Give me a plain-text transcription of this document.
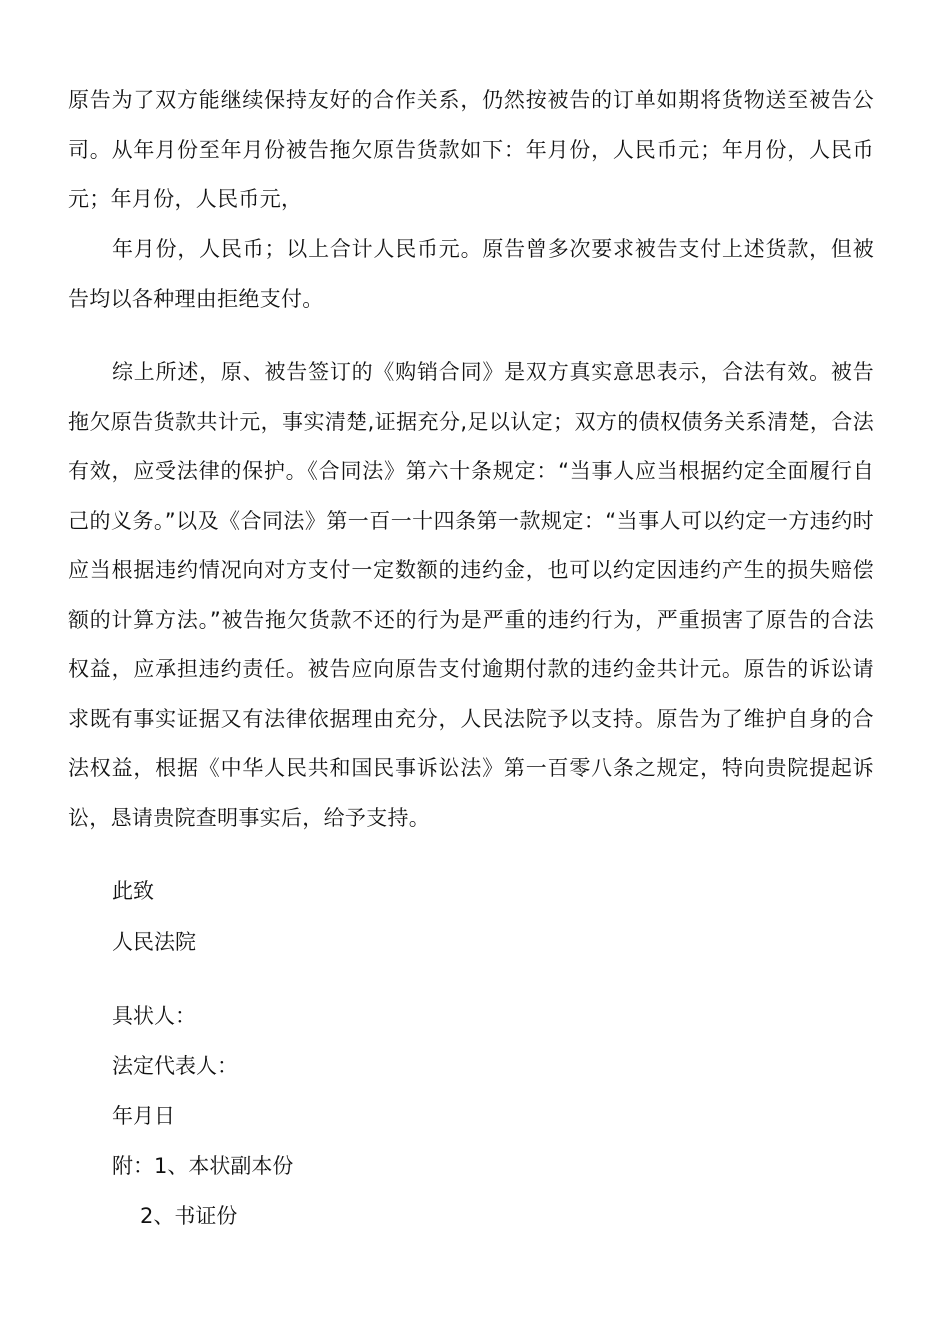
原告为了双方能继续保持友好的合作关系，仍然按被告的订单如期将货物送至被告公司。从年月份至年月份被告拖欠原告货款如下：年月份，人民币元；年月份，人民币元；年月份，人民币元，

年月份，人民币；以上合计人民币元。原告曾多次要求被告支付上述货款，但被告均以各种理由拒绝支付。

综上所述，原、被告签订的《购销合同》是双方真实意思表示，合法有效。被告拖欠原告货款共计元，事实清楚,证据充分,足以认定；双方的债权债务关系清楚，合法有效，应受法律的保护。《合同法》第六十条规定：“当事人应当根据约定全面履行自己的义务。”以及《合同法》第一百一十四条第一款规定：“当事人可以约定一方违约时应当根据违约情况向对方支付一定数额的违约金，也可以约定因违约产生的损失赔偿额的计算方法。”被告拖欠货款不还的行为是严重的违约行为，严重损害了原告的合法权益，应承担违约责任。被告应向原告支付逾期付款的违约金共计元。原告的诉讼请求既有事实证据又有法律依据理由充分，人民法院予以支持。原告为了维护自身的合法权益，根据《中华人民共和国民事诉讼法》第一百零八条之规定，特向贵院提起诉讼，恳请贵院查明事实后，给予支持。

此致
人民法院
具状人：
法定代表人：
年月日
附：1、本状副本份
2、书证份
